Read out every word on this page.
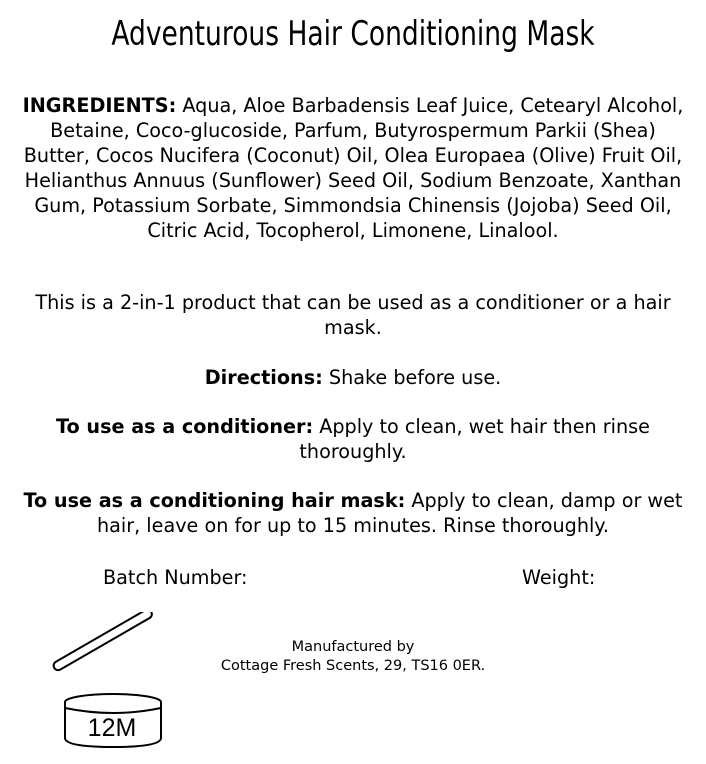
Adventurous Hair Conditioning Mask
INGREDIENTS: Aqua, Aloe Barbadensis Leaf Juice, Cetearyl Alcohol, Betaine, Coco-glucoside, Parfum, Butyrospermum Parkii (Shea) Butter, Cocos Nucifera (Coconut) Oil, Olea Europaea (Olive) Fruit Oil, Helianthus Annuus (Sunflower) Seed Oil, Sodium Benzoate, Xanthan Gum, Potassium Sorbate, Simmondsia Chinensis (Jojoba) Seed Oil, Citric Acid, Tocopherol, Limonene, Linalool.
This is a 2-in-1 product that can be used as a conditioner or a hair mask.
Directions: Shake before use.
To use as a conditioner: Apply to clean, wet hair then rinse thoroughly.
To use as a conditioning hair mask: Apply to clean, damp or wet hair, leave on for up to 15 minutes. Rinse thoroughly.
Batch Number:	Weight:
12M
Manufactured by
Cottage Fresh Scents, 29, TS16 0ER.
